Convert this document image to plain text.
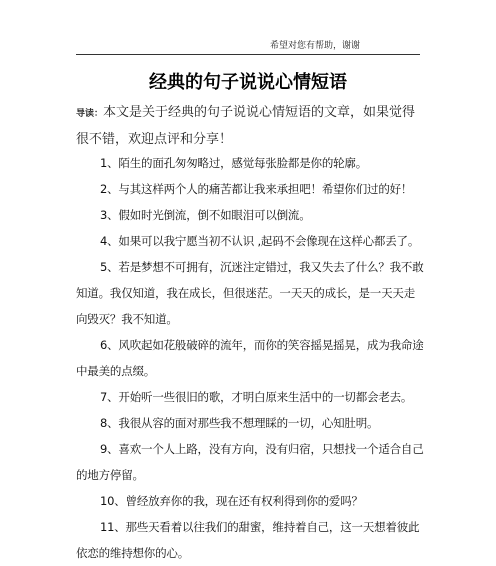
希望对您有帮助，谢谢
经典的句子说说心情短语
导读：本文是关于经典的句子说说心情短语的文章，如果觉得很不错，欢迎点评和分享！

1、陌生的面孔匆匆略过，感觉每张脸都是你的轮廓。

2、与其这样两个人的痛苦都让我来承担吧！希望你们过的好！

3、假如时光倒流，倒不如眼泪可以倒流。

4、如果可以我宁愿当初不认识 ,起码不会像现在这样心都丢了。

5、若是梦想不可拥有，沉迷注定错过，我又失去了什么？我不敢知道。我仅知道，我在成长，但很迷茫。一天天的成长，是一天天走向毁灭？我不知道。

6、风吹起如花般破碎的流年，而你的笑容摇晃摇晃，成为我命途中最美的点缀。

7、开始听一些很旧的歌，才明白原来生活中的一切都会老去。

8、我很从容的面对那些我不想理睬的一切，心知肚明。

9、喜欢一个人上路，没有方向，没有归宿，只想找一个适合自己的地方停留。

10、曾经放弃你的我，现在还有权利得到你的爱吗？

11、那些天看着以往我们的甜蜜，维持着自己，这一天想着彼此依恋的维持想你的心。
